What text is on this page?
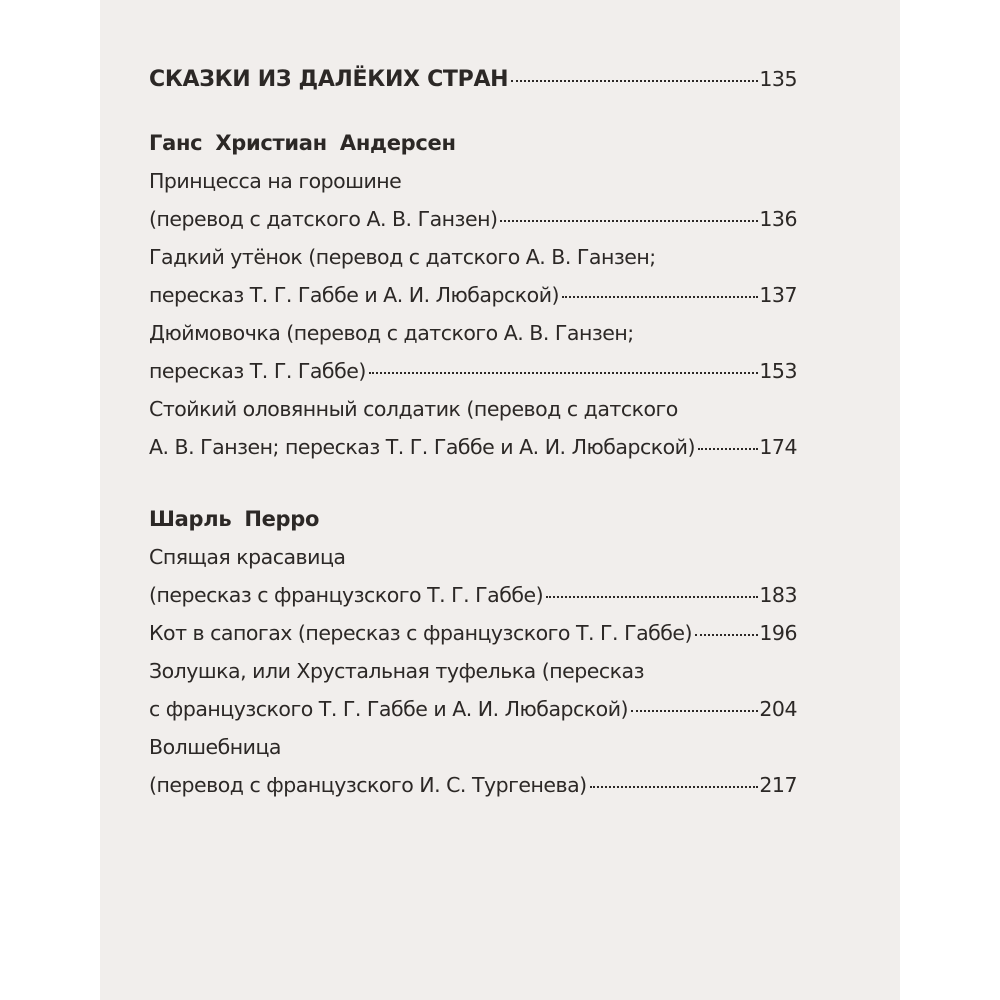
СКАЗКИ ИЗ ДАЛЁКИХ СТРАН	135
Ганс Христиан Андерсен
Принцесса на горошине
(перевод с датского А. В. Ганзен)	136
Гадкий утёнок (перевод с датского А. В. Ганзен;
пересказ Т. Г. Габбе и А. И. Любарской)	137
Дюймовочка (перевод с датского А. В. Ганзен;
пересказ Т. Г. Габбе)	153
Стойкий оловянный солдатик (перевод с датского
А. В. Ганзен; пересказ Т. Г. Габбе и А. И. Любарской)	174
Шарль Перро
Спящая красавица
(пересказ с французского Т. Г. Габбе)	183
Кот в сапогах (пересказ с французского Т. Г. Габбе)	196
Золушка, или Хрустальная туфелька (пересказ
с французского Т. Г. Габбе и А. И. Любарской)	204
Волшебница
(перевод с французского И. С. Тургенева)	217
